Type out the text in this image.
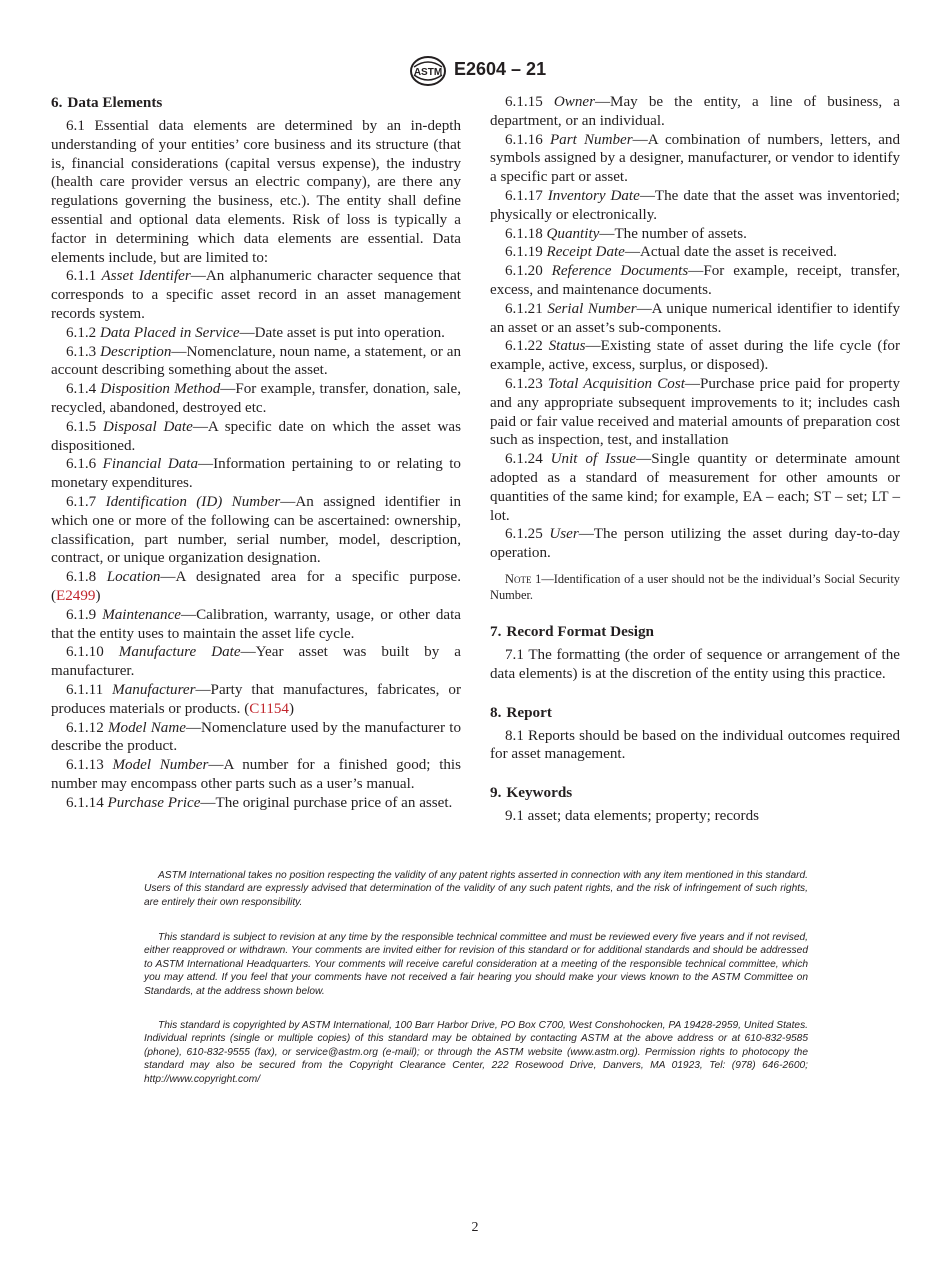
ASTM E2604 – 21
6. Data Elements

6.1 Essential data elements are determined by an in-depth understanding of your entities’ core business and its structure (that is, financial considerations (capital versus expense), the industry (health care provider versus an electric company), are there any regulations governing the business, etc.). The entity shall define essential and optional data elements. Risk of loss is typically a factor in determining which data elements are essential. Data elements include, but are limited to:

6.1.1 Asset Identifer—An alphanumeric character sequence that corresponds to a specific asset record in an asset management records system.

6.1.2 Data Placed in Service—Date asset is put into operation.

6.1.3 Description—Nomenclature, noun name, a statement, or an account describing something about the asset.

6.1.4 Disposition Method—For example, transfer, donation, sale, recycled, abandoned, destroyed etc.

6.1.5 Disposal Date—A specific date on which the asset was dispositioned.

6.1.6 Financial Data—Information pertaining to or relating to monetary expenditures.

6.1.7 Identification (ID) Number—An assigned identifier in which one or more of the following can be ascertained: ownership, classification, part number, serial number, model, description, contract, or unique organization designation.

6.1.8 Location—A designated area for a specific purpose. (E2499)

6.1.9 Maintenance—Calibration, warranty, usage, or other data that the entity uses to maintain the asset life cycle.

6.1.10 Manufacture Date—Year asset was built by a manufacturer.

6.1.11 Manufacturer—Party that manufactures, fabricates, or produces materials or products. (C1154)

6.1.12 Model Name—Nomenclature used by the manufacturer to describe the product.

6.1.13 Model Number—A number for a finished good; this number may encompass other parts such as a user’s manual.

6.1.14 Purchase Price—The original purchase price of an asset.

6.1.15 Owner—May be the entity, a line of business, a department, or an individual.

6.1.16 Part Number—A combination of numbers, letters, and symbols assigned by a designer, manufacturer, or vendor to identify a specific part or asset.

6.1.17 Inventory Date—The date that the asset was inventoried; physically or electronically.

6.1.18 Quantity—The number of assets.

6.1.19 Receipt Date—Actual date the asset is received.

6.1.20 Reference Documents—For example, receipt, transfer, excess, and maintenance documents.

6.1.21 Serial Number—A unique numerical identifier to identify an asset or an asset’s sub-components.

6.1.22 Status—Existing state of asset during the life cycle (for example, active, excess, surplus, or disposed).

6.1.23 Total Acquisition Cost—Purchase price paid for property and any appropriate subsequent improvements to it; includes cash paid or fair value received and material amounts of preparation cost such as inspection, test, and installation

6.1.24 Unit of Issue—Single quantity or determinate amount adopted as a standard of measurement for other amounts or quantities of the same kind; for example, EA – each; ST – set; LT – lot.

6.1.25 User—The person utilizing the asset during day-to-day operation.

Note 1—Identification of a user should not be the individual’s Social Security Number.

7. Record Format Design

7.1 The formatting (the order of sequence or arrangement of the data elements) is at the discretion of the entity using this practice.

8. Report

8.1 Reports should be based on the individual outcomes required for asset management.

9. Keywords

9.1 asset; data elements; property; records

ASTM International takes no position respecting the validity of any patent rights asserted in connection with any item mentioned in this standard. Users of this standard are expressly advised that determination of the validity of any such patent rights, and the risk of infringement of such rights, are entirely their own responsibility.

This standard is subject to revision at any time by the responsible technical committee and must be reviewed every five years and if not revised, either reapproved or withdrawn. Your comments are invited either for revision of this standard or for additional standards and should be addressed to ASTM International Headquarters. Your comments will receive careful consideration at a meeting of the responsible technical committee, which you may attend. If you feel that your comments have not received a fair hearing you should make your views known to the ASTM Committee on Standards, at the address shown below.

This standard is copyrighted by ASTM International, 100 Barr Harbor Drive, PO Box C700, West Conshohocken, PA 19428-2959, United States. Individual reprints (single or multiple copies) of this standard may be obtained by contacting ASTM at the above address or at 610-832-9585 (phone), 610-832-9555 (fax), or service@astm.org (e-mail); or through the ASTM website (www.astm.org). Permission rights to photocopy the standard may also be secured from the Copyright Clearance Center, 222 Rosewood Drive, Danvers, MA 01923, Tel: (978) 646-2600; http://www.copyright.com/

2
